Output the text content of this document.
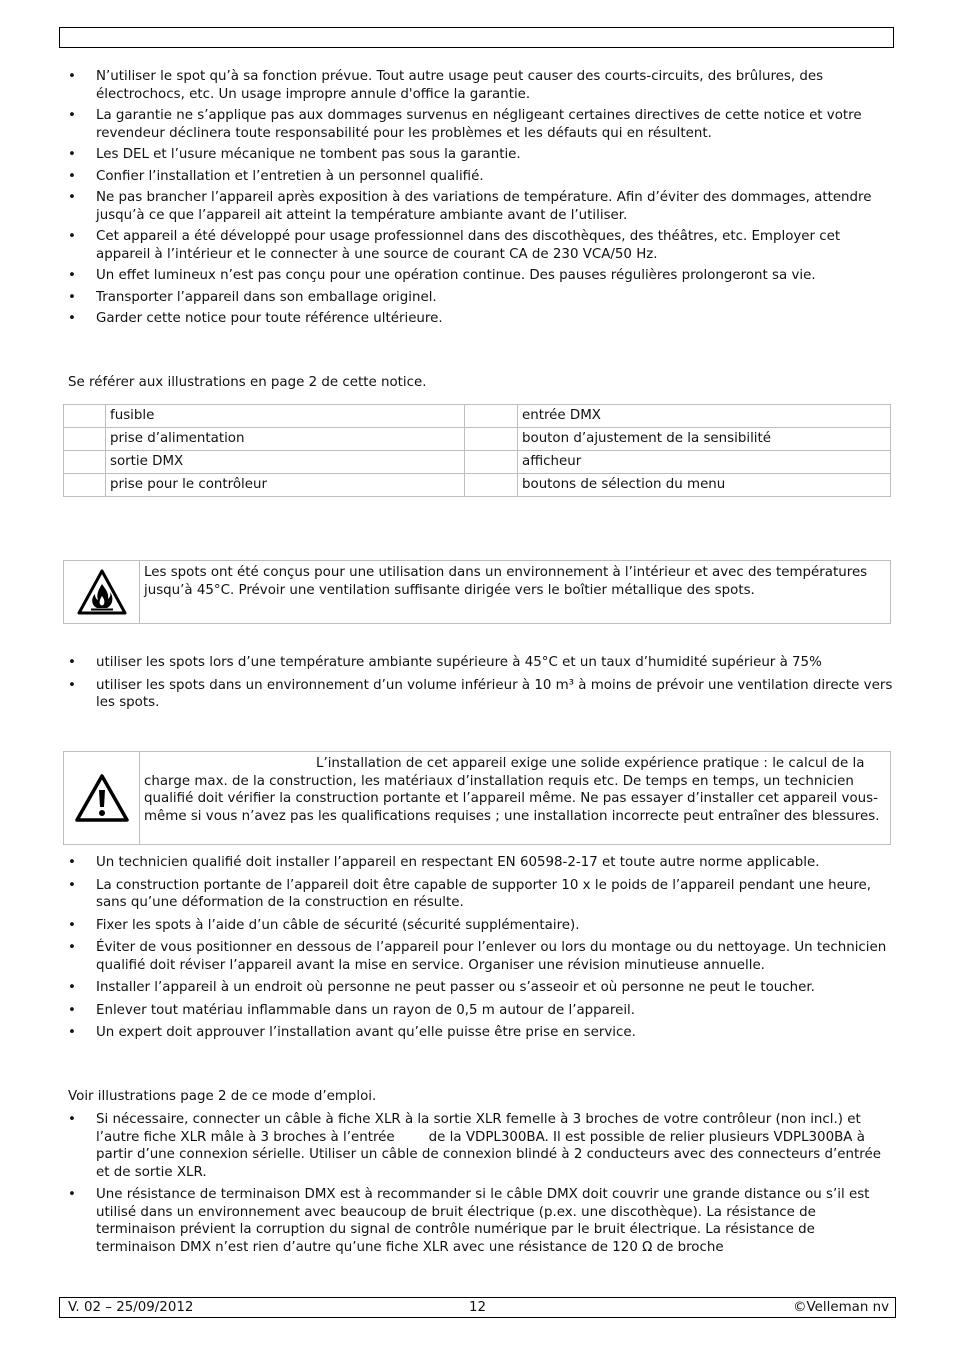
• N’utiliser le spot qu’à sa fonction prévue. Tout autre usage peut causer des courts-circuits, des brûlures, des électrochocs, etc. Un usage impropre annule d'office la garantie.
• La garantie ne s’applique pas aux dommages survenus en négligeant certaines directives de cette notice et votre revendeur déclinera toute responsabilité pour les problèmes et les défauts qui en résultent.
• Les DEL et l’usure mécanique ne tombent pas sous la garantie.
• Confier l’installation et l’entretien à un personnel qualifié.
• Ne pas brancher l’appareil après exposition à des variations de température. Afin d’éviter des dommages, attendre jusqu’à ce que l’appareil ait atteint la température ambiante avant de l’utiliser.
• Cet appareil a été développé pour usage professionnel dans des discothèques, des théâtres, etc. Employer cet appareil à l’intérieur et le connecter à une source de courant CA de 230 VCA/50 Hz.
• Un effet lumineux n’est pas conçu pour une opération continue. Des pauses régulières prolongeront sa vie.
• Transporter l’appareil dans son emballage originel.
• Garder cette notice pour toute référence ultérieure.
Se référer aux illustrations en page 2 de cette notice.
	fusible		entrée DMX
	prise d’alimentation		bouton d’ajustement de la sensibilité
	sortie DMX		afficheur
	prise pour le contrôleur		boutons de sélection du menu
Les spots ont été conçus pour une utilisation dans un environnement à l’intérieur et avec des températures jusqu’à 45°C. Prévoir une ventilation suffisante dirigée vers le boîtier métallique des spots.
• utiliser les spots lors d’une température ambiante supérieure à 45°C et un taux d’humidité supérieur à 75%
• utiliser les spots dans un environnement d’un volume inférieur à 10 m³ à moins de prévoir une ventilation directe vers les spots.
L’installation de cet appareil exige une solide expérience pratique : le calcul de la charge max. de la construction, les matériaux d’installation requis etc. De temps en temps, un technicien qualifié doit vérifier la construction portante et l’appareil même. Ne pas essayer d’installer cet appareil vous-même si vous n’avez pas les qualifications requises ; une installation incorrecte peut entraîner des blessures.
• Un technicien qualifié doit installer l’appareil en respectant EN 60598-2-17 et toute autre norme applicable.
• La construction portante de l’appareil doit être capable de supporter 10 x le poids de l’appareil pendant une heure, sans qu’une déformation de la construction en résulte.
• Fixer les spots à l’aide d’un câble de sécurité (sécurité supplémentaire).
• Éviter de vous positionner en dessous de l’appareil pour l’enlever ou lors du montage ou du nettoyage. Un technicien qualifié doit réviser l’appareil avant la mise en service. Organiser une révision minutieuse annuelle.
• Installer l’appareil à un endroit où personne ne peut passer ou s’asseoir et où personne ne peut le toucher.
• Enlever tout matériau inflammable dans un rayon de 0,5 m autour de l’appareil.
• Un expert doit approuver l’installation avant qu’elle puisse être prise en service.
Voir illustrations page 2 de ce mode d’emploi.
• Si nécessaire, connecter un câble à fiche XLR à la sortie XLR femelle à 3 broches de votre contrôleur (non incl.) et l’autre fiche XLR mâle à 3 broches à l’entrée        de la VDPL300BA. Il est possible de relier plusieurs VDPL300BA à partir d’une connexion sérielle. Utiliser un câble de connexion blindé à 2 conducteurs avec des connecteurs d’entrée et de sortie XLR.
• Une résistance de terminaison DMX est à recommander si le câble DMX doit couvrir une grande distance ou s’il est utilisé dans un environnement avec beaucoup de bruit électrique (p.ex. une discothèque). La résistance de terminaison prévient la corruption du signal de contrôle numérique par le bruit électrique. La résistance de terminaison DMX n’est rien d’autre qu’une fiche XLR avec une résistance de 120 Ω de broche
V. 02 – 25/09/2012	12	©Velleman nv
